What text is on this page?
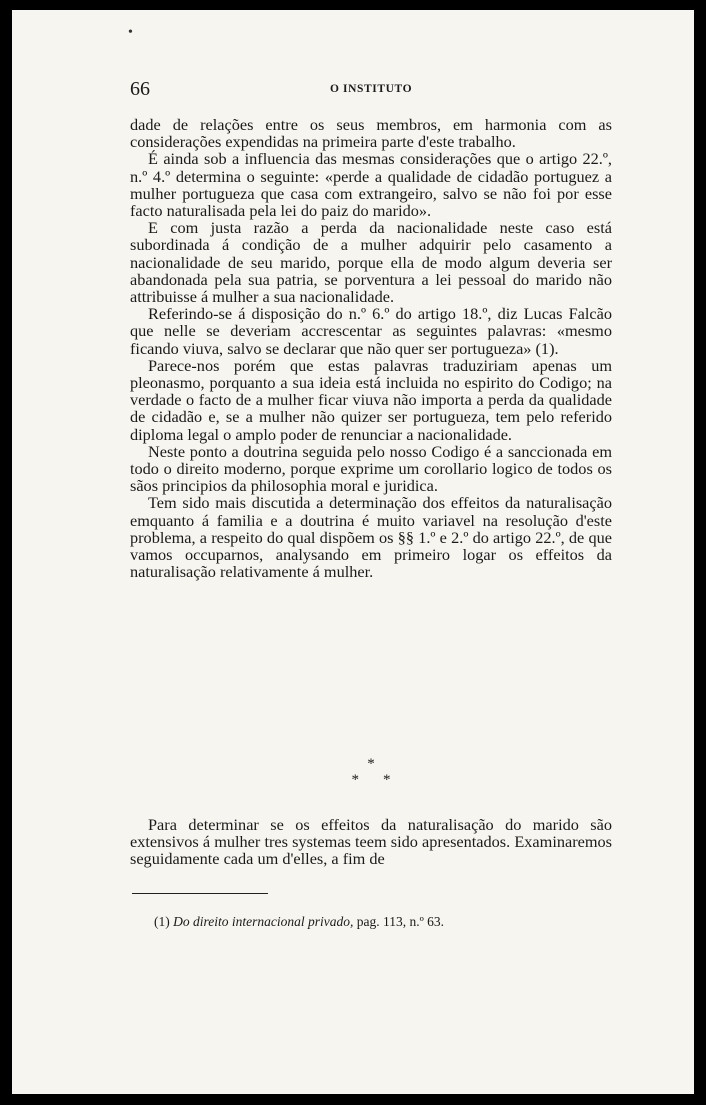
•
66	O INSTITUTO

dade de relações entre os seus membros, em harmonia com as considerações expendidas na primeira parte d'este trabalho.

É ainda sob a influencia das mesmas considerações que o artigo 22.º, n.º 4.º determina o seguinte: «perde a qualidade de cidadão portuguez a mulher portugueza que casa com extrangeiro, salvo se não foi por esse facto naturalisada pela lei do paiz do marido».

E com justa razão a perda da nacionalidade neste caso está subordinada á condição de a mulher adquirir pelo casamento a nacionalidade de seu marido, porque ella de modo algum deveria ser abandonada pela sua patria, se porventura a lei pessoal do marido não attribuisse á mulher a sua nacionalidade.

Referindo-se á disposição do n.º 6.º do artigo 18.º, diz Lucas Falcão que nelle se deveriam accrescentar as seguintes palavras: «mesmo ficando viuva, salvo se declarar que não quer ser portugueza» (1).

Parece-nos porém que estas palavras traduziriam apenas um pleonasmo, porquanto a sua ideia está incluida no espirito do Codigo; na verdade o facto de a mulher ficar viuva não importa a perda da qualidade de cidadão e, se a mulher não quizer ser portugueza, tem pelo referido diploma legal o amplo poder de renunciar a nacionalidade.

Neste ponto a doutrina seguida pelo nosso Codigo é a sanccionada em todo o direito moderno, porque exprime um corollario logico de todos os sãos principios da philosophia moral e juridica.

Tem sido mais discutida a determinação dos effeitos da naturalisação emquanto á familia e a doutrina é muito variavel na resolução d'este problema, a respeito do qual dispõem os §§ 1.º e 2.º do artigo 22.º, de que vamos occuparnos, analysando em primeiro logar os effeitos da naturalisação relativamente á mulher.

*
* *

Para determinar se os effeitos da naturalisação do marido são extensivos á mulher tres systemas teem sido apresentados. Examinaremos seguidamente cada um d'elles, a fim de

(1) Do direito internacional privado, pag. 113, n.º 63.
